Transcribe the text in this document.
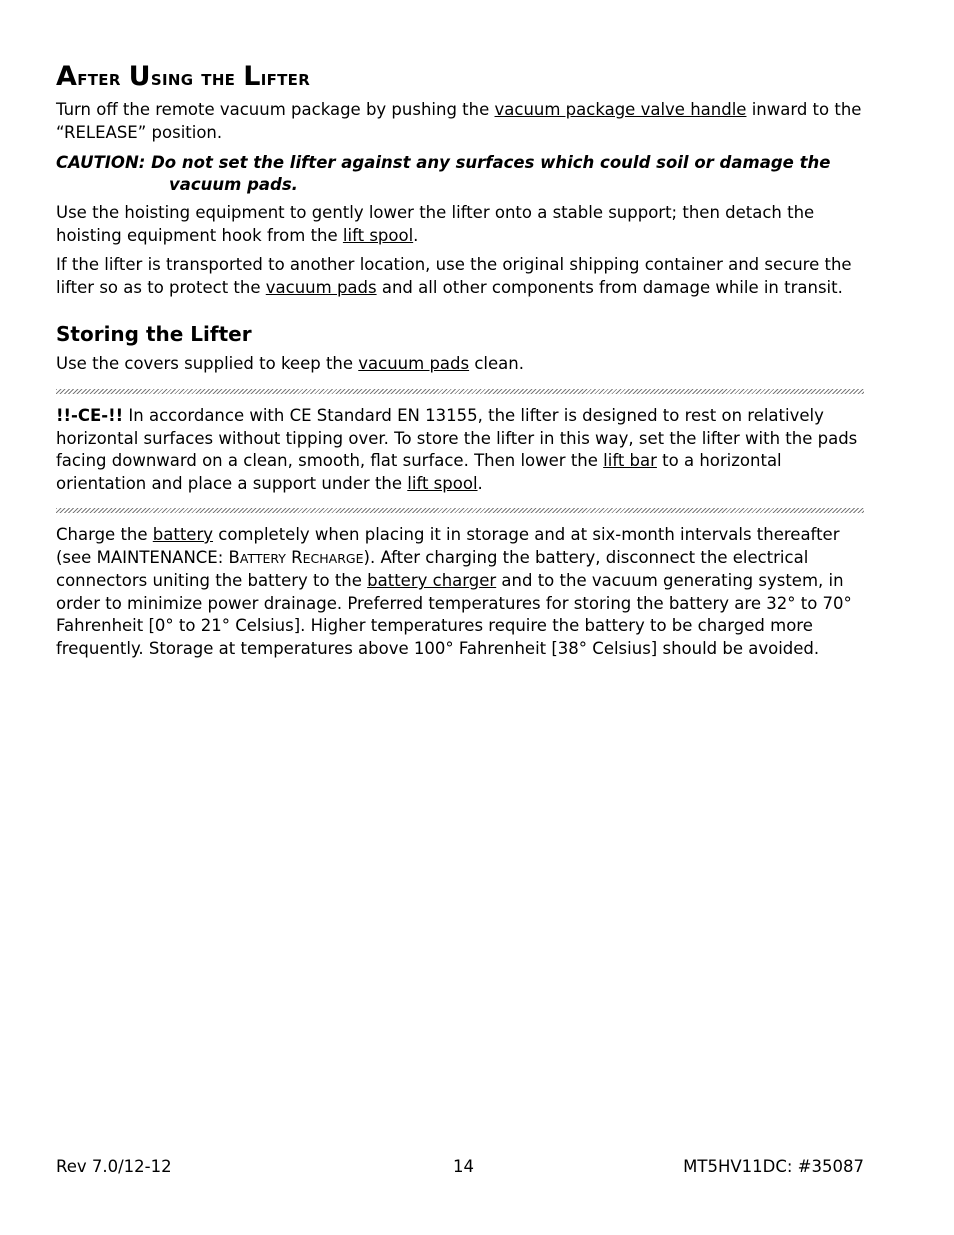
After Using the Lifter

Turn off the remote vacuum package by pushing the vacuum package valve handle inward to the “RELEASE” position.

CAUTION: Do not set the lifter against any surfaces which could soil or damage the
vacuum pads.

Use the hoisting equipment to gently lower the lifter onto a stable support; then detach the hoisting equipment hook from the lift spool.

If the lifter is transported to another location, use the original shipping container and secure the lifter so as to protect the vacuum pads and all other components from damage while in transit.

Storing the Lifter

Use the covers supplied to keep the vacuum pads clean.

!!-CE-!! In accordance with CE Standard EN 13155, the lifter is designed to rest on relatively horizontal surfaces without tipping over. To store the lifter in this way, set the lifter with the pads facing downward on a clean, smooth, flat surface. Then lower the lift bar to a horizontal orientation and place a support under the lift spool.

Charge the battery completely when placing it in storage and at six-month intervals thereafter (see MAINTENANCE: BATTERY RECHARGE). After charging the battery, disconnect the electrical connectors uniting the battery to the battery charger and to the vacuum generating system, in order to minimize power drainage. Preferred temperatures for storing the battery are 32° to 70° Fahrenheit [0° to 21° Celsius]. Higher temperatures require the battery to be charged more frequently. Storage at temperatures above 100° Fahrenheit [38° Celsius] should be avoided.

Rev 7.0/12-12	14	MT5HV11DC: #35087
